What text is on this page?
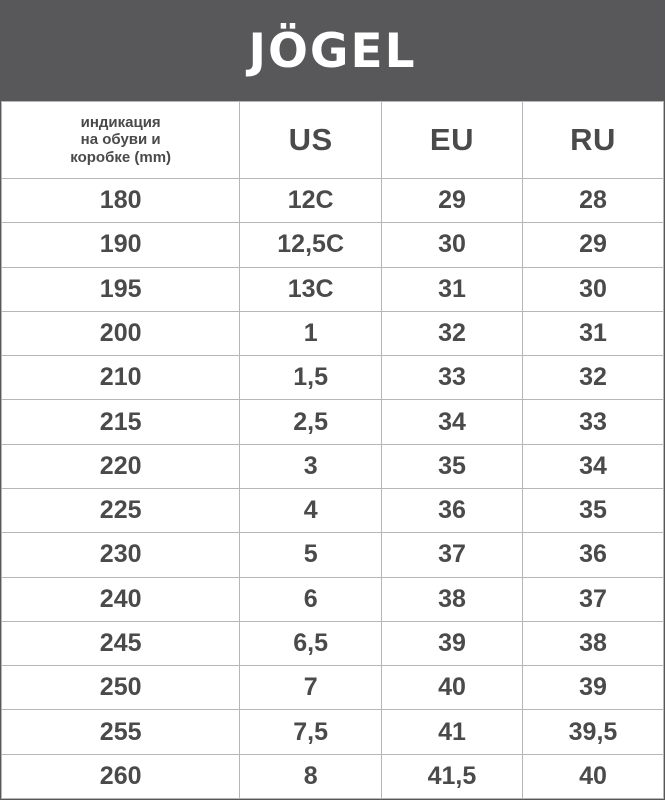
JÖGEL
индикация
на обуви и
коробке (mm)	US	EU	RU
180	12C	29	28
190	12,5C	30	29
195	13C	31	30
200	1	32	31
210	1,5	33	32
215	2,5	34	33
220	3	35	34
225	4	36	35
230	5	37	36
240	6	38	37
245	6,5	39	38
250	7	40	39
255	7,5	41	39,5
260	8	41,5	40
